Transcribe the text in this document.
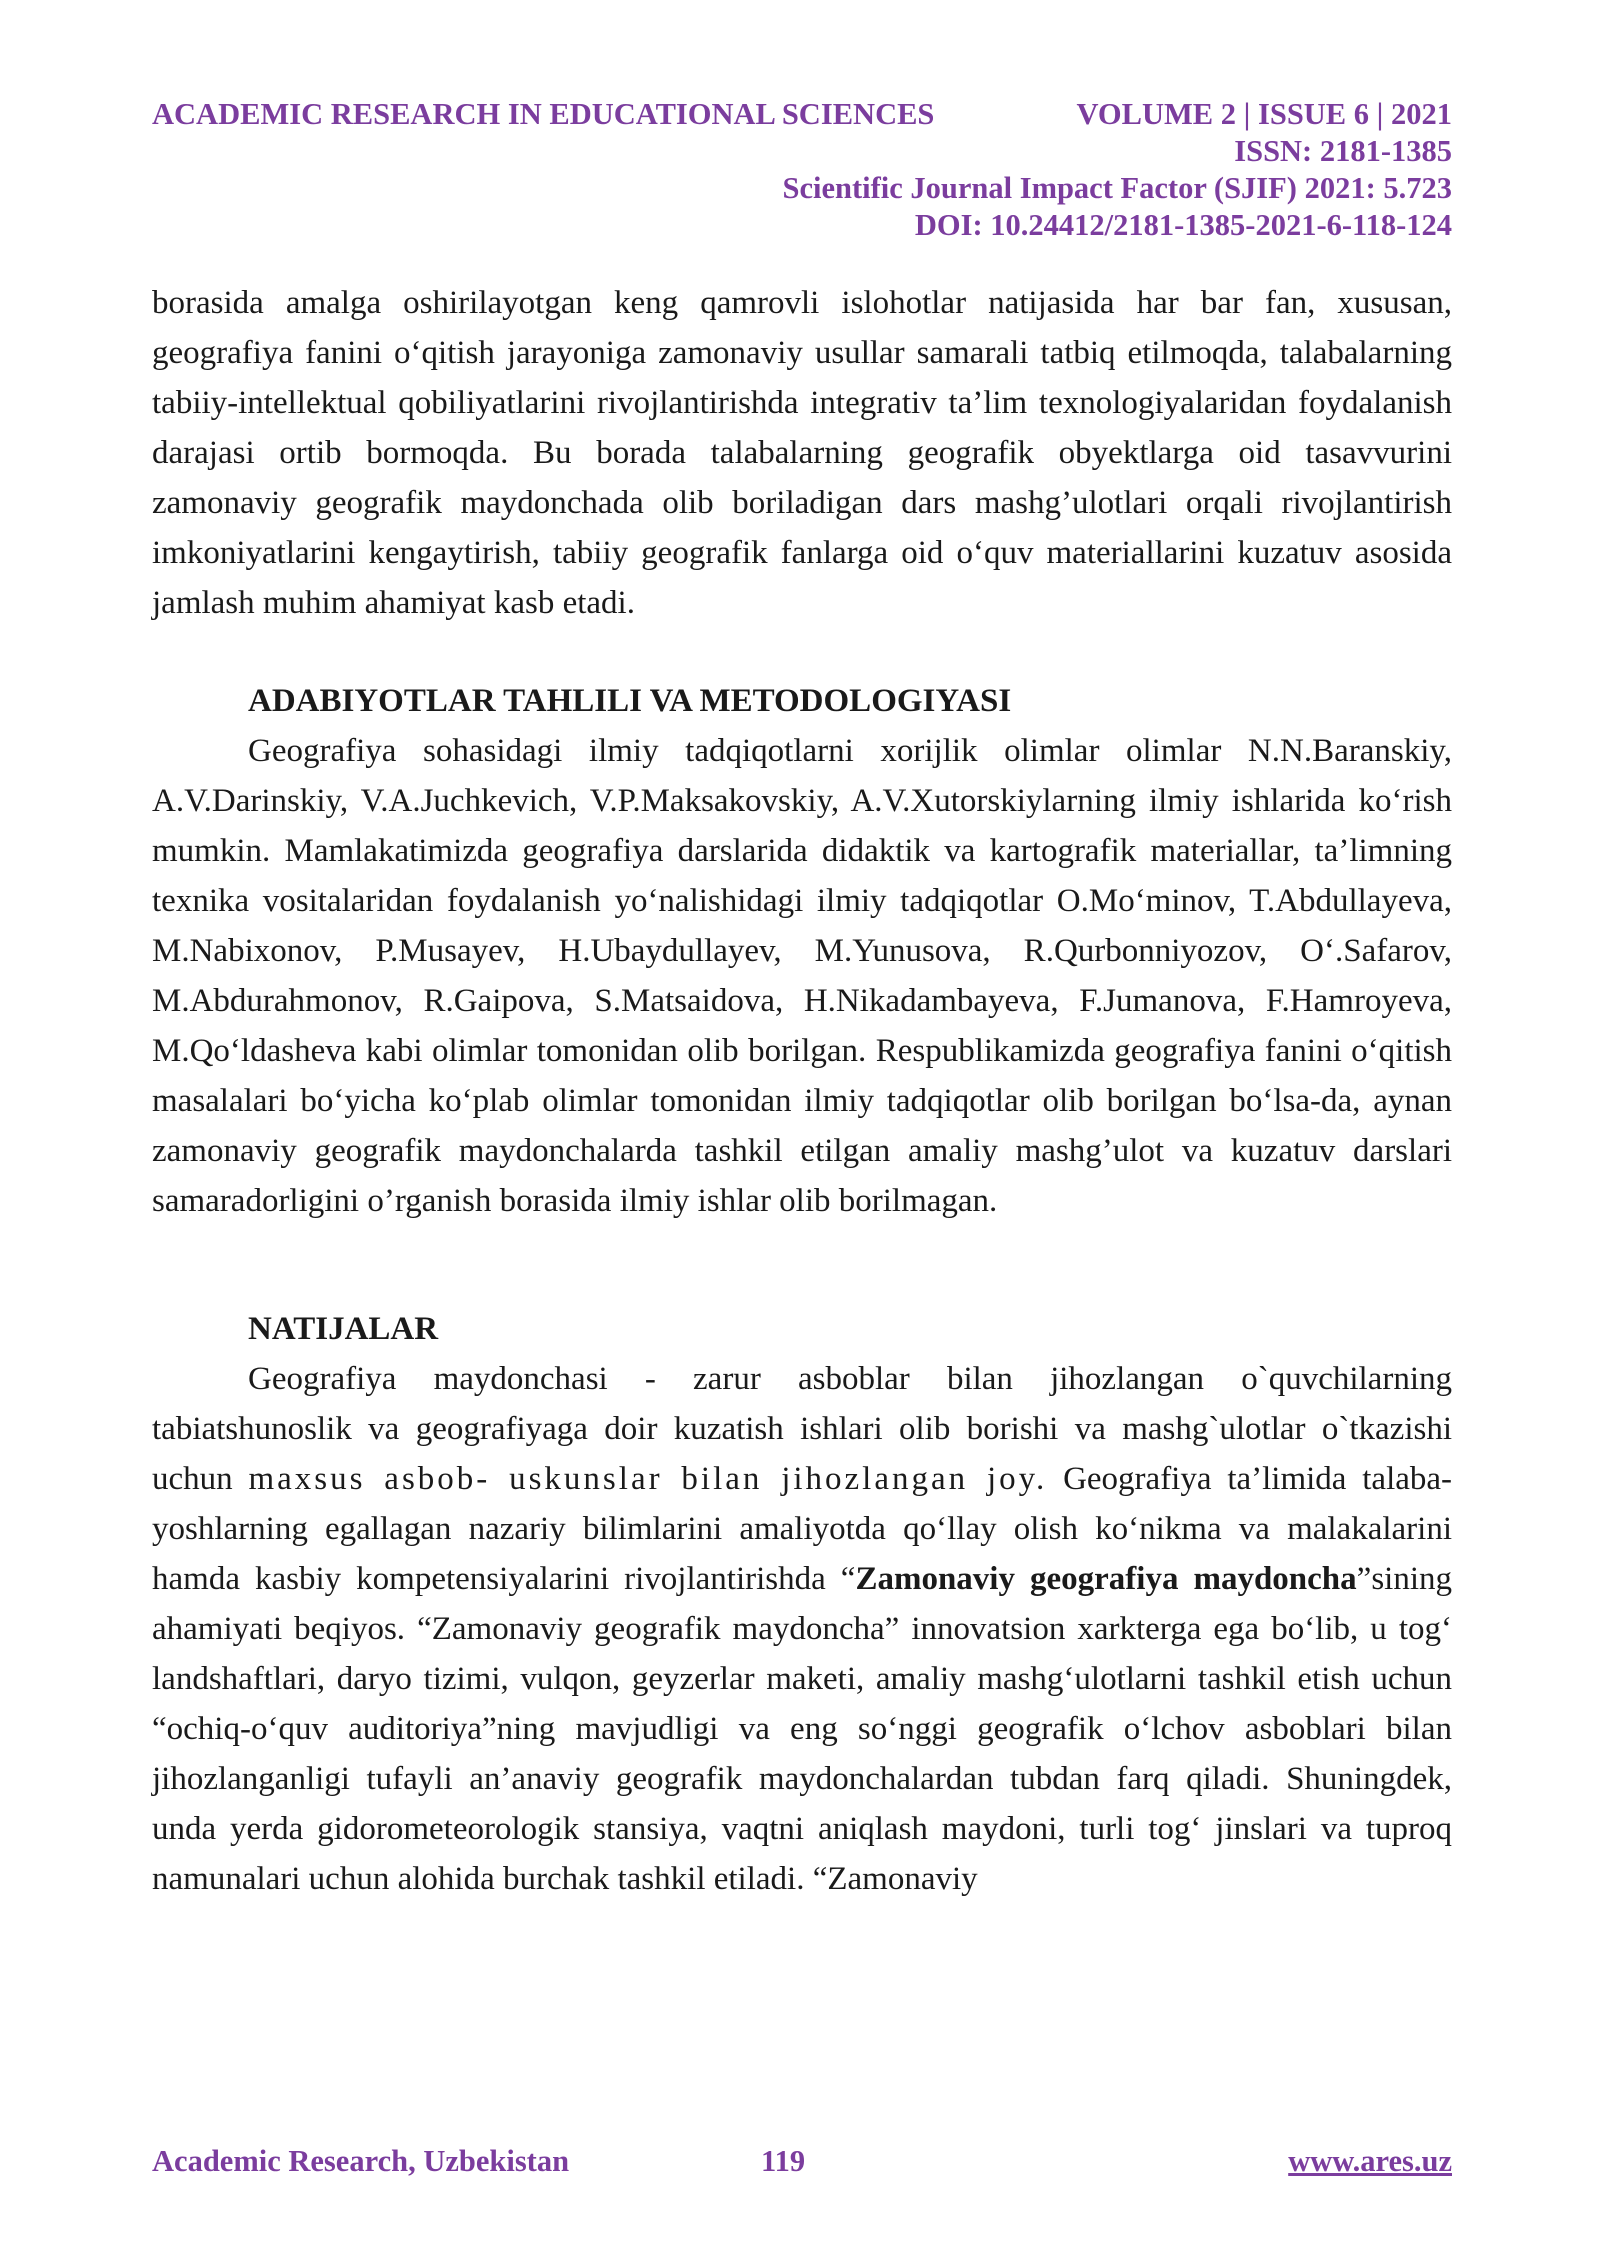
ACADEMIC RESEARCH IN EDUCATIONAL SCIENCES	VOLUME 2 | ISSUE 6 | 2021
ISSN: 2181-1385
Scientific Journal Impact Factor (SJIF) 2021: 5.723
DOI: 10.24412/2181-1385-2021-6-118-124

borasida amalga oshirilayotgan keng qamrovli islohotlar natijasida har bar fan, xususan, geografiya fanini o‘qitish jarayoniga zamonaviy usullar samarali tatbiq etilmoqda, talabalarning tabiiy-intellektual qobiliyatlarini rivojlantirishda integrativ ta’lim texnologiyalaridan foydalanish darajasi ortib bormoqda. Bu borada talabalarning geografik obyektlarga oid tasavvurini zamonaviy geografik maydonchada olib boriladigan dars mashg’ulotlari orqali rivojlantirish imkoniyatlarini kengaytirish, tabiiy geografik fanlarga oid o‘quv materiallarini kuzatuv asosida jamlash muhim ahamiyat kasb etadi.

ADABIYOTLAR TAHLILI VA METODOLOGIYASI

Geografiya sohasidagi ilmiy tadqiqotlarni xorijlik olimlar olimlar N.N.Baranskiy, A.V.Darinskiy, V.A.Juchkevich, V.P.Maksakovskiy, A.V.Xutorskiylarning ilmiy ishlarida ko‘rish mumkin. Mamlakatimizda geografiya darslarida didaktik va kartografik materiallar, ta’limning texnika vositalaridan foydalanish yo‘nalishidagi ilmiy tadqiqotlar O.Mo‘minov, T.Abdullayeva, M.Nabixonov, P.Musayev, H.Ubaydullayev, M.Yunusova, R.Qurbonniyozov, O‘.Safarov, M.Abdurahmonov, R.Gaipova, S.Matsaidova, H.Nikadambayeva, F.Jumanova, F.Hamroyeva, M.Qo‘ldasheva kabi olimlar tomonidan olib borilgan. Respublikamizda geografiya fanini o‘qitish masalalari bo‘yicha ko‘plab olimlar tomonidan ilmiy tadqiqotlar olib borilgan bo‘lsa-da, aynan zamonaviy geografik maydonchalarda tashkil etilgan amaliy mashg’ulot va kuzatuv darslari samaradorligini o’rganish borasida ilmiy ishlar olib borilmagan.

NATIJALAR

Geografiya maydonchasi - zarur asboblar bilan jihozlangan o`quvchilarning tabiatshunoslik va geografiyaga doir kuzatish ishlari olib borishi va mashg`ulotlar o`tkazishi uchun maxsus asbob- uskunslar bilan jihozlangan joy. Geografiya ta’limida talaba-yoshlarning egallagan nazariy bilimlarini amaliyotda qo‘llay olish ko‘nikma va malakalarini hamda kasbiy kompetensiyalarini rivojlantirishda “Zamonaviy geografiya maydoncha”sining ahamiyati beqiyos. “Zamonaviy geografik maydoncha” innovatsion xarkterga ega bo‘lib, u tog‘ landshaftlari, daryo tizimi, vulqon, geyzerlar maketi, amaliy mashg‘ulotlarni tashkil etish uchun “ochiq-o‘quv auditoriya”ning mavjudligi va eng so‘nggi geografik o‘lchov asboblari bilan jihozlanganligi tufayli an’anaviy geografik maydonchalardan tubdan farq qiladi. Shuningdek, unda yerda gidorometeorologik stansiya, vaqtni aniqlash maydoni, turli tog‘ jinslari va tuproq namunalari uchun alohida burchak tashkil etiladi. “Zamonaviy

Academic Research, Uzbekistan	119	www.ares.uz
